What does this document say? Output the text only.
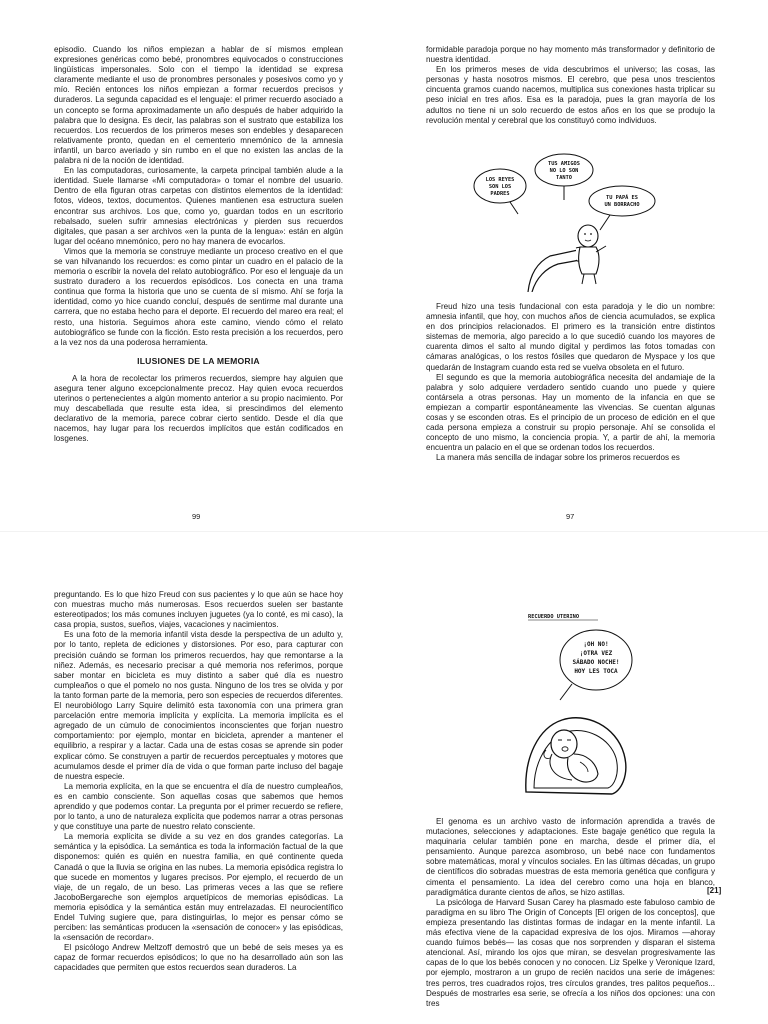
episodio. Cuando los niños empiezan a hablar de sí mismos emplean expresiones genéricas como bebé, pronombres equivocados o construcciones lingüísticas impersonales. Solo con el tiempo la identidad se expresa claramente mediante el uso de pronombres personales y posesivos como yo y mío. Recién entonces los niños empiezan a formar recuerdos precisos y duraderos. La segunda capacidad es el lenguaje: el primer recuerdo asociado a un concepto se forma aproximadamente un año después de haber adquirido la palabra que lo designa. Es decir, las palabras son el sustrato que estabiliza los recuerdos. Los recuerdos de los primeros meses son endebles y desaparecen relativamente pronto, quedan en el cementerio mnemónico de la amnesia infantil, un barco averiado y sin rumbo en el que no existen las anclas de la palabra ni de la noción de identidad.

En las computadoras, curiosamente, la carpeta principal también alude a la identidad. Suele llamarse «Mi computadora» o tomar el nombre del usuario. Dentro de ella figuran otras carpetas con distintos elementos de la identidad: fotos, videos, textos, documentos. Quienes mantienen esa estructura suelen encontrar sus archivos. Los que, como yo, guardan todos en un escritorio rebalsado, suelen sufrir amnesias electrónicas y pierden sus recuerdos digitales, que pasan a ser archivos «en la punta de la lengua»: están en algún lugar del océano mnemónico, pero no hay manera de evocarlos.

Vimos que la memoria se construye mediante un proceso creativo en el que se van hilvanando los recuerdos: es como pintar un cuadro en el palacio de la memoria o escribir la novela del relato autobiográfico. Por eso el lenguaje da un sustrato duradero a los recuerdos episódicos. Los conecta en una trama continua que forma la historia que uno se cuenta de sí mismo. Ahí se forja la identidad, como yo hice cuando concluí, después de sentirme mal durante una carrera, que no estaba hecho para el deporte. El recuerdo del mareo era real; el resto, una historia. Seguimos ahora este camino, viendo cómo el relato autobiográfico se funde con la ficción. Esto resta precisión a los recuerdos, pero a la vez nos da una poderosa herramienta.

ILUSIONES DE LA MEMORIA

A la hora de recolectar los primeros recuerdos, siempre hay alguien que asegura tener alguno excepcionalmente precoz. Hay quien evoca recuerdos uterinos o pertenecientes a algún momento anterior a su propio nacimiento. Por muy descabellada que resulte esta idea, si prescindimos del elemento declarativo de la memoria, parece cobrar cierto sentido. Desde el día que nacemos, hay lugar para los recuerdos implícitos que están codificados en losgenes.

99

formidable paradoja porque no hay momento más transformador y definitorio de nuestra identidad.

En los primeros meses de vida descubrimos el universo; las cosas, las personas y hasta nosotros mismos. El cerebro, que pesa unos trescientos cincuenta gramos cuando nacemos, multiplica sus conexiones hasta triplicar su peso inicial en tres años. Esa es la paradoja, pues la gran mayoría de los adultos no tiene ni un solo recuerdo de estos años en los que se produjo la revolución mental y cerebral que los constituyó como individuos.

LOS REYES SON LOS PADRES
TUS AMIGOS NO LO SON TANTO
TU PAPÁ ES UN BORRACHO

Freud hizo una tesis fundacional con esta paradoja y le dio un nombre: amnesia infantil, que hoy, con muchos años de ciencia acumulados, se explica en dos principios relacionados. El primero es la transición entre distintos sistemas de memoria, algo parecido a lo que sucedió cuando los mayores de cuarenta dimos el salto al mundo digital y perdimos las fotos tomadas con cámaras analógicas, o los restos fósiles que quedaron de Myspace y los que quedarán de Instagram cuando esta red se vuelva obsoleta en el futuro.

El segundo es que la memoria autobiográfica necesita del andamiaje de la palabra y solo adquiere verdadero sentido cuando uno puede y quiere contársela a otras personas. Hay un momento de la infancia en que se empiezan a compartir espontáneamente las vivencias. Se cuentan algunas cosas y se esconden otras. Es el principio de un proceso de edición en el que cada persona empieza a construir su propio personaje. Ahí se consolida el concepto de uno mismo, la conciencia propia. Y, a partir de ahí, la memoria encuentra un palacio en el que se ordenan todos los recuerdos.

La manera más sencilla de indagar sobre los primeros recuerdos es

97

preguntando. Es lo que hizo Freud con sus pacientes y lo que aún se hace hoy con muestras mucho más numerosas. Esos recuerdos suelen ser bastante estereotipados; los más comunes incluyen juguetes (ya lo conté, es mi caso), la casa propia, sustos, sueños, viajes, vacaciones y nacimientos.

Es una foto de la memoria infantil vista desde la perspectiva de un adulto y, por lo tanto, repleta de ediciones y distorsiones. Por eso, para capturar con precisión cuándo se forman los primeros recuerdos, hay que remontarse a la niñez. Además, es necesario precisar a qué memoria nos referimos, porque saber montar en bicicleta es muy distinto a saber qué día es nuestro cumpleaños o que el pomelo no nos gusta. Ninguno de los tres se olvida y por la tanto forman parte de la memoria, pero son especies de recuerdos diferentes. El neurobiólogo Larry Squire delimitó esta taxonomía con una primera gran parcelación entre memoria implícita y explícita. La memoria implícita es el agregado de un cúmulo de conocimientos inconscientes que forjan nuestro comportamiento: por ejemplo, montar en bicicleta, aprender a mantener el equilibrio, a respirar y a lactar. Cada una de estas cosas se aprende sin poder explicar cómo. Se construyen a partir de recuerdos perceptuales y motores que acumulamos desde el primer día de vida o que forman parte incluso del bagaje de nuestra especie.

La memoria explícita, en la que se encuentra el día de nuestro cumpleaños, es en cambio consciente. Son aquellas cosas que sabemos que hemos aprendido y que podemos contar. La pregunta por el primer recuerdo se refiere, por lo tanto, a uno de naturaleza explícita que podemos narrar a otras personas y que constituye una parte de nuestro relato consciente.

La memoria explícita se divide a su vez en dos grandes categorías. La semántica y la episódica. La semántica es toda la información factual de la que disponemos: quién es quién en nuestra familia, en qué continente queda Canadá o que la lluvia se origina en las nubes. La memoria episódica registra lo que sucede en momentos y lugares precisos. Por ejemplo, el recuerdo de un viaje, de un regalo, de un beso. Las primeras veces a las que se refiere JacoboBergareche son ejemplos arquetípicos de memorias episódicas. La memoria episódica y la semántica están muy entrelazadas. El neurocientífico Endel Tulving sugiere que, para distinguirlas, lo mejor es pensar cómo se perciben: las semánticas producen la «sensación de conocer» y las episódicas, la «sensación de recordar».

El psicólogo Andrew Meltzoff demostró que un bebé de seis meses ya es capaz de formar recuerdos episódicos; lo que no ha desarrollado aún son las capacidades que permiten que estos recuerdos sean duraderos. La

RECUERDO UTERINO
¡OH NO! ¡OTRA VEZ SÁBADO NOCHE! HOY LES TOCA

El genoma es un archivo vasto de información aprendida a través de mutaciones, selecciones y adaptaciones. Este bagaje genético que regula la maquinaria celular también pone en marcha, desde el primer día, el pensamiento. Aunque parezca asombroso, un bebé nace con fundamentos sobre matemáticas, moral y vínculos sociales. En las últimas décadas, un grupo de científicos dio sobradas muestras de esta memoria genética que configura y cimenta el pensamiento. La idea del cerebro como una hoja en blanco, paradigmática durante cientos de años, se hizo astillas.

La psicóloga de Harvard Susan Carey ha plasmado este fabuloso cambio de paradigma en su libro The Origin of Concepts [El origen de los conceptos], que empieza presentando las distintas formas de indagar en la mente infantil. La más efectiva viene de la capacidad expresiva de los ojos. Miramos —ahoray cuando fuimos bebés— las cosas que nos sorprenden y disparan el sistema atencional. Así, mirando los ojos que miran, se desvelan progresivamente las capas de lo que los bebés conocen y no conocen. Liz Spelke y Veronique Izard, por ejemplo, mostraron a un grupo de recién nacidos una serie de imágenes: tres perros, tres cuadrados rojos, tres círculos grandes, tres palitos pequeños... Después de mostrarles esa serie, se ofrecía a los niños dos opciones: una con tres

[21]
